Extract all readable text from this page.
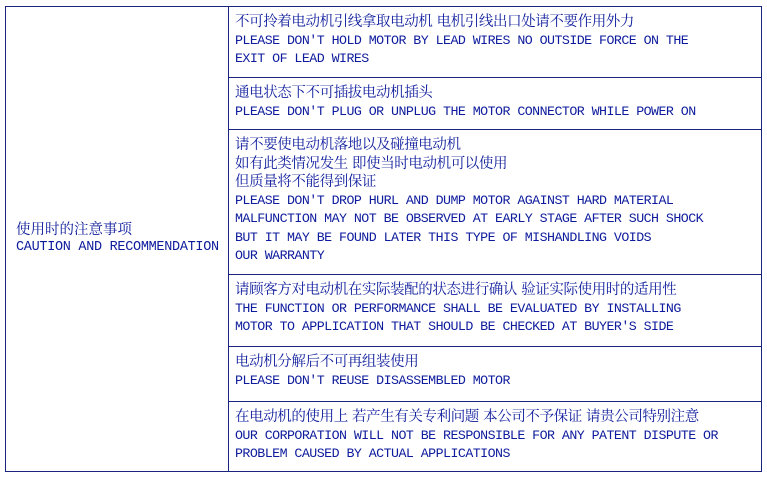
使用时的注意事项
CAUTION AND RECOMMENDATION
不可拎着电动机引线拿取电动机 电机引线出口处请不要作用外力
PLEASE DON'T HOLD MOTOR BY LEAD WIRES NO OUTSIDE FORCE ON THE
EXIT OF LEAD WIRES
通电状态下不可插拔电动机插头
PLEASE DON'T PLUG OR UNPLUG THE MOTOR CONNECTOR WHILE POWER ON
请不要使电动机落地以及碰撞电动机
如有此类情况发生 即使当时电动机可以使用
但质量将不能得到保证
PLEASE DON'T DROP HURL AND DUMP MOTOR AGAINST HARD MATERIAL
MALFUNCTION MAY NOT BE OBSERVED AT EARLY STAGE AFTER SUCH SHOCK
BUT IT MAY BE FOUND LATER THIS TYPE OF MISHANDLING VOIDS
OUR WARRANTY
请顾客方对电动机在实际装配的状态进行确认 验证实际使用时的适用性
THE FUNCTION OR PERFORMANCE SHALL BE EVALUATED BY INSTALLING
MOTOR TO APPLICATION THAT SHOULD BE CHECKED AT BUYER'S SIDE
电动机分解后不可再组装使用
PLEASE DON'T REUSE DISASSEMBLED MOTOR
在电动机的使用上 若产生有关专利问题 本公司不予保证 请贵公司特别注意
OUR CORPORATION WILL NOT BE RESPONSIBLE FOR ANY PATENT DISPUTE OR
PROBLEM CAUSED BY ACTUAL APPLICATIONS
